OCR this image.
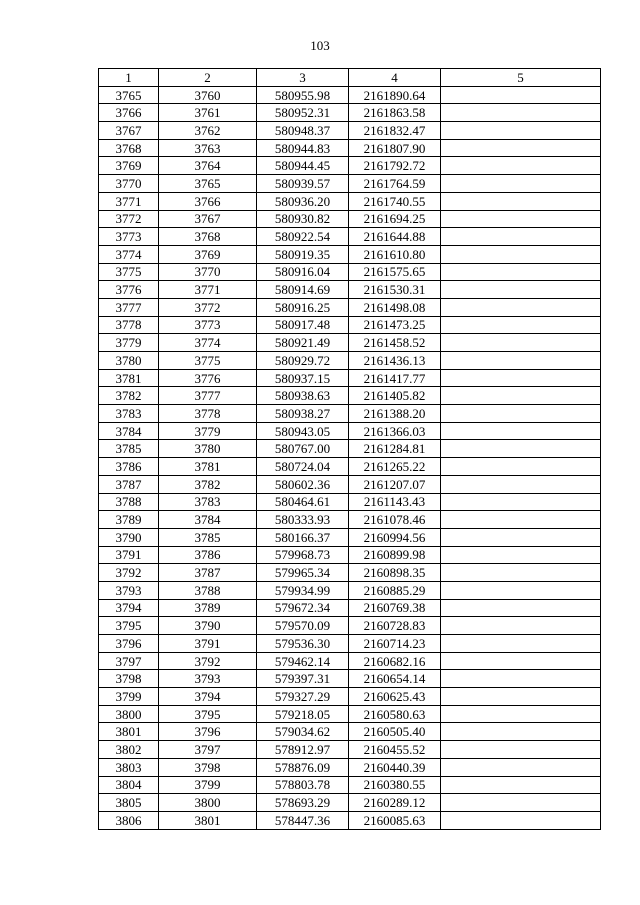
103
1	2	3	4	5
3765	3760	580955.98	2161890.64	
3766	3761	580952.31	2161863.58	
3767	3762	580948.37	2161832.47	
3768	3763	580944.83	2161807.90	
3769	3764	580944.45	2161792.72	
3770	3765	580939.57	2161764.59	
3771	3766	580936.20	2161740.55	
3772	3767	580930.82	2161694.25	
3773	3768	580922.54	2161644.88	
3774	3769	580919.35	2161610.80	
3775	3770	580916.04	2161575.65	
3776	3771	580914.69	2161530.31	
3777	3772	580916.25	2161498.08	
3778	3773	580917.48	2161473.25	
3779	3774	580921.49	2161458.52	
3780	3775	580929.72	2161436.13	
3781	3776	580937.15	2161417.77	
3782	3777	580938.63	2161405.82	
3783	3778	580938.27	2161388.20	
3784	3779	580943.05	2161366.03	
3785	3780	580767.00	2161284.81	
3786	3781	580724.04	2161265.22	
3787	3782	580602.36	2161207.07	
3788	3783	580464.61	2161143.43	
3789	3784	580333.93	2161078.46	
3790	3785	580166.37	2160994.56	
3791	3786	579968.73	2160899.98	
3792	3787	579965.34	2160898.35	
3793	3788	579934.99	2160885.29	
3794	3789	579672.34	2160769.38	
3795	3790	579570.09	2160728.83	
3796	3791	579536.30	2160714.23	
3797	3792	579462.14	2160682.16	
3798	3793	579397.31	2160654.14	
3799	3794	579327.29	2160625.43	
3800	3795	579218.05	2160580.63	
3801	3796	579034.62	2160505.40	
3802	3797	578912.97	2160455.52	
3803	3798	578876.09	2160440.39	
3804	3799	578803.78	2160380.55	
3805	3800	578693.29	2160289.12	
3806	3801	578447.36	2160085.63	
